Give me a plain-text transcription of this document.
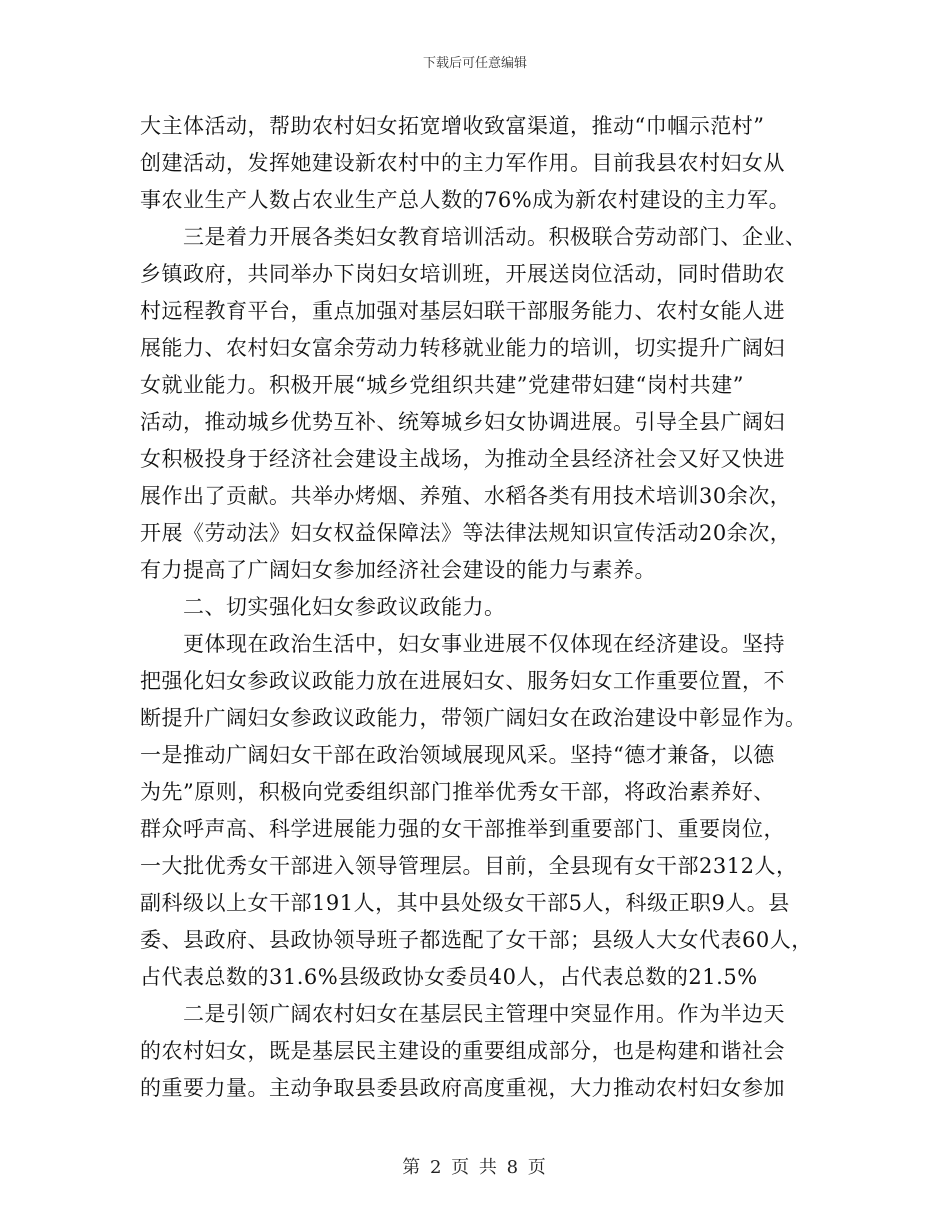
下载后可任意编辑
大主体活动，帮助农村妇女拓宽增收致富渠道，推动“巾帼示范村”
创建活动，发挥她建设新农村中的主力军作用。目前我县农村妇女从
事农业生产人数占农业生产总人数的76%成为新农村建设的主力军。
　　三是着力开展各类妇女教育培训活动。积极联合劳动部门、企业、
乡镇政府，共同举办下岗妇女培训班，开展送岗位活动，同时借助农
村远程教育平台，重点加强对基层妇联干部服务能力、农村女能人进
展能力、农村妇女富余劳动力转移就业能力的培训，切实提升广阔妇
女就业能力。积极开展“城乡党组织共建”党建带妇建“岗村共建”
活动，推动城乡优势互补、统筹城乡妇女协调进展。引导全县广阔妇
女积极投身于经济社会建设主战场，为推动全县经济社会又好又快进
展作出了贡献。共举办烤烟、养殖、水稻各类有用技术培训30余次，
开展《劳动法》妇女权益保障法》等法律法规知识宣传活动20余次，
有力提高了广阔妇女参加经济社会建设的能力与素养。
　　二、切实强化妇女参政议政能力。
　　更体现在政治生活中，妇女事业进展不仅体现在经济建设。坚持
把强化妇女参政议政能力放在进展妇女、服务妇女工作重要位置，不
断提升广阔妇女参政议政能力，带领广阔妇女在政治建设中彰显作为。
一是推动广阔妇女干部在政治领域展现风采。坚持“德才兼备，以德
为先”原则，积极向党委组织部门推举优秀女干部，将政治素养好、
群众呼声高、科学进展能力强的女干部推举到重要部门、重要岗位，
一大批优秀女干部进入领导管理层。目前，全县现有女干部2312人，
副科级以上女干部191人，其中县处级女干部5人，科级正职9人。县
委、县政府、县政协领导班子都选配了女干部；县级人大女代表60人，
占代表总数的31.6%县级政协女委员40人，占代表总数的21.5%
　　二是引领广阔农村妇女在基层民主管理中突显作用。作为半边天
的农村妇女，既是基层民主建设的重要组成部分，也是构建和谐社会
的重要力量。主动争取县委县政府高度重视，大力推动农村妇女参加
第 2 页 共 8 页
